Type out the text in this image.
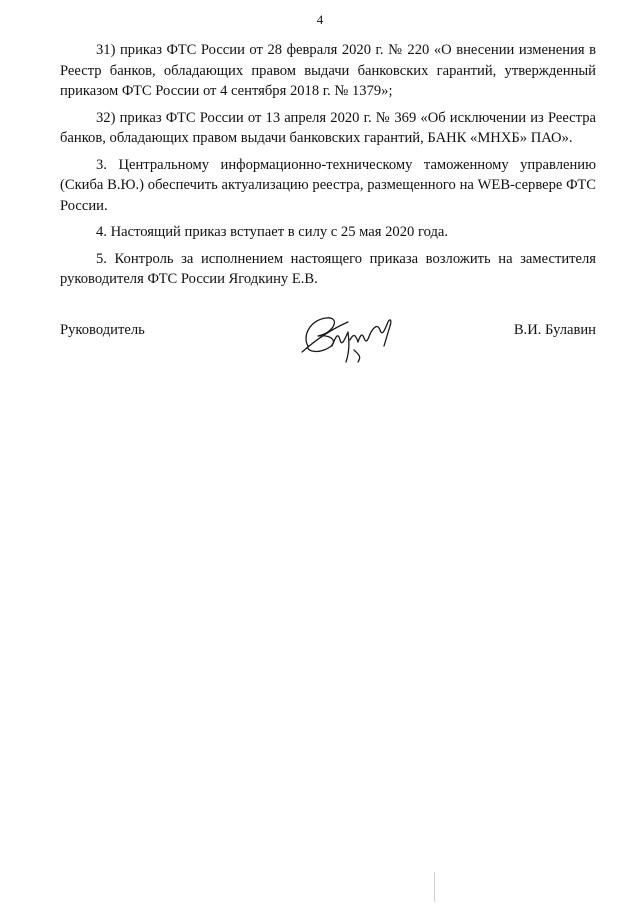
4

31) приказ ФТС России от 28 февраля 2020 г. № 220 «О внесении изменения в Реестр банков, обладающих правом выдачи банковских гарантий, утвержденный приказом ФТС России от 4 сентября 2018 г. № 1379»;

32) приказ ФТС России от 13 апреля 2020 г. № 369 «Об исключении из Реестра банков, обладающих правом выдачи банковских гарантий, БАНК «МНХБ» ПАО».

3. Центральному информационно-техническому таможенному управлению (Скиба В.Ю.) обеспечить актуализацию реестра, размещенного на WEB-сервере ФТС России.

4. Настоящий приказ вступает в силу с 25 мая 2020 года.

5. Контроль за исполнением настоящего приказа возложить на заместителя руководителя ФТС России Ягодкину Е.В.

Руководитель	В.И. Булавин
